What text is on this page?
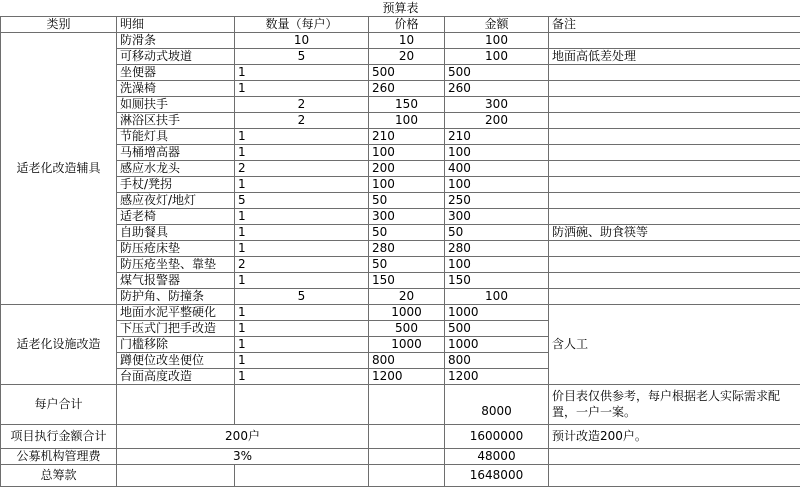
预算表					
类别	明细	数量（每户）	价格	金额	备注
适老化改造辅具	防滑条	10	10	100	
	可移动式坡道	5	20	100	地面高低差处理
	坐便器	1	500	500	
	洗澡椅	1	260	260	
	如厕扶手	2	150	300	
	淋浴区扶手	2	100	200	
	节能灯具	1	210	210	
	马桶增高器	1	100	100	
	感应水龙头	2	200	400	
	手杖/凳拐	1	100	100	
	感应夜灯/地灯	5	50	250	
	适老椅	1	300	300	
	自助餐具	1	50	50	防洒碗、助食筷等
	防压疮床垫	1	280	280	
	防压疮坐垫、靠垫	2	50	100	
	煤气报警器	1	150	150	
	防护角、防撞条	5	20	100	
适老化设施改造	地面水泥平整硬化	1	1000	1000	含人工
	下压式门把手改造	1	500	500	
	门槛移除	1	1000	1000	
	蹲便位改坐便位	1	800	800	
	台面高度改造	1	1200	1200	
每户合计				8000	价目表仅供参考，每户根据老人实际需求配置，一户一案。
项目执行金额合计	200户			1600000	预计改造200户。
公募机构管理费	3%			48000	
总筹款				1648000	
